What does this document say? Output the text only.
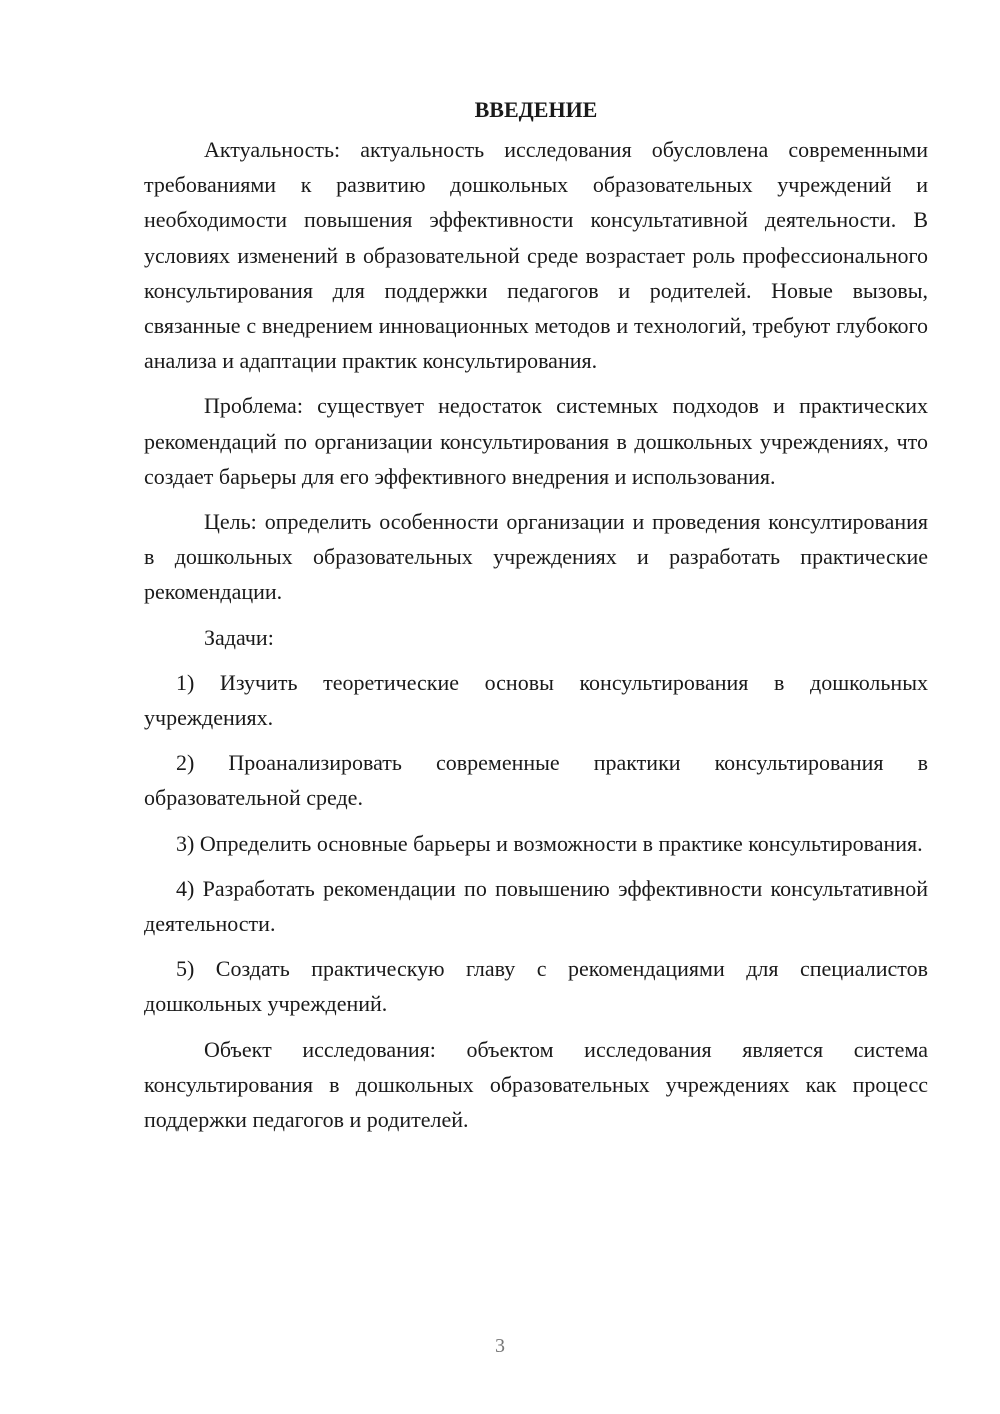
ВВЕДЕНИЕ

Актуальность: актуальность исследования обусловлена современными требованиями к развитию дошкольных образовательных учреждений и необходимости повышения эффективности консультативной деятельности. В условиях изменений в образовательной среде возрастает роль профессионального консультирования для поддержки педагогов и родителей. Новые вызовы, связанные с внедрением инновационных методов и технологий, требуют глубокого анализа и адаптации практик консультирования.

Проблема: существует недостаток системных подходов и практических рекомендаций по организации консультирования в дошкольных учреждениях, что создает барьеры для его эффективного внедрения и использования.

Цель: определить особенности организации и проведения консултирования в дошкольных образовательных учреждениях и разработать практические рекомендации.

Задачи:

1) Изучить теоретические основы консультирования в дошкольных учреждениях.

2) Проанализировать современные практики консультирования в образовательной среде.

3) Определить основные барьеры и возможности в практике консультирования.

4) Разработать рекомендации по повышению эффективности консультативной деятельности.

5) Создать практическую главу с рекомендациями для специалистов дошкольных учреждений.

Объект исследования: объектом исследования является система консультирования в дошкольных образовательных учреждениях как процесс поддержки педагогов и родителей.

3
